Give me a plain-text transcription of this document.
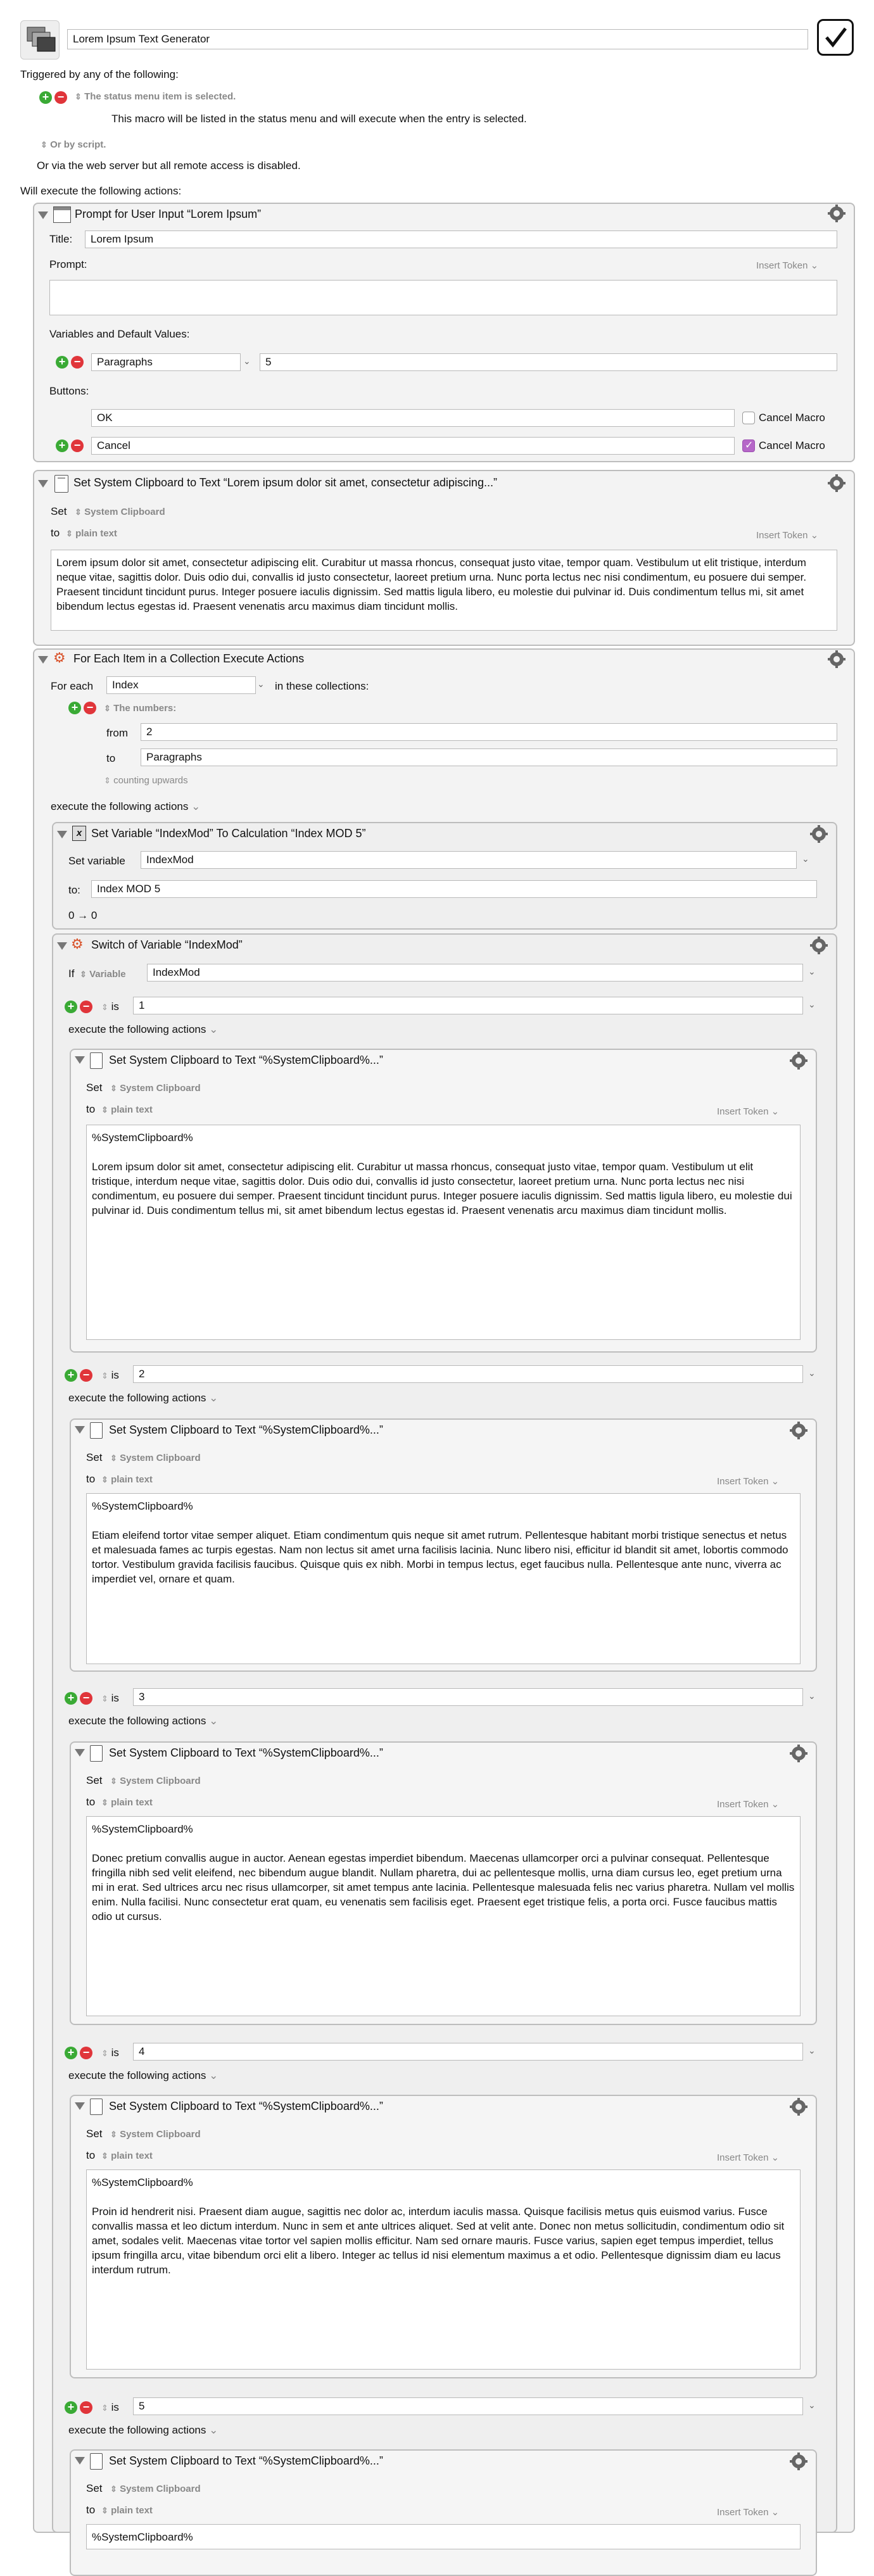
Lorem Ipsum Text Generator
Triggered by any of the following:
+ −	⇕ The status menu item is selected.
This macro will be listed in the status menu and will execute when the entry is selected.
⇕ Or by script.
Or via the web server but all remote access is disabled.
Will execute the following actions:
Prompt for User Input “Lorem Ipsum”
Title:	Lorem Ipsum
Prompt:	Insert Token ⌄
Variables and Default Values:
+ −	Paragraphs	⌄	5
Buttons:
OK	Cancel Macro
+ −	Cancel
✓	Cancel Macro
Set System Clipboard to Text “Lorem ipsum dolor sit amet, consectetur adipiscing...”
Set ⇕ System Clipboard
to ⇕ plain text	Insert Token ⌄
Lorem ipsum dolor sit amet, consectetur adipiscing elit. Curabitur ut massa rhoncus, consequat justo vitae, tempor quam. Vestibulum ut elit tristique, interdum neque vitae, sagittis dolor. Duis odio dui, convallis id justo consectetur, laoreet pretium urna. Nunc porta lectus nec nisi condimentum, eu posuere dui semper. Praesent tincidunt tincidunt purus. Integer posuere iaculis dignissim. Sed mattis ligula libero, eu molestie dui pulvinar id. Duis condimentum tellus mi, sit amet bibendum lectus egestas id. Praesent venenatis arcu maximus diam tincidunt mollis.
⚙ For Each Item in a Collection Execute Actions
For each	Index	⌄ in these collections:
+ −	⇕ The numbers:
from	2
to	Paragraphs
⇕ counting upwards
execute the following actions ⌄
x Set Variable “IndexMod” To Calculation “Index MOD 5”
Set variable	IndexMod	⌄
to:	Index MOD 5
0 → 0
⚙ Switch of Variable “IndexMod”
If ⇕ Variable	IndexMod	⌄
+ −	⇕ is	1	⌄
execute the following actions ⌄
Set System Clipboard to Text “%SystemClipboard%...”
Set ⇕ System Clipboard
to ⇕ plain text	Insert Token ⌄
%SystemClipboard%

Lorem ipsum dolor sit amet, consectetur adipiscing elit. Curabitur ut massa rhoncus, consequat justo vitae, tempor quam. Vestibulum ut elit tristique, interdum neque vitae, sagittis dolor. Duis odio dui, convallis id justo consectetur, laoreet pretium urna. Nunc porta lectus nec nisi condimentum, eu posuere dui semper. Praesent tincidunt tincidunt purus. Integer posuere iaculis dignissim. Sed mattis ligula libero, eu molestie dui pulvinar id. Duis condimentum tellus mi, sit amet bibendum lectus egestas id. Praesent venenatis arcu maximus diam tincidunt mollis.
+ −	⇕ is	2	⌄
execute the following actions ⌄
Set System Clipboard to Text “%SystemClipboard%...”
Set ⇕ System Clipboard
to ⇕ plain text	Insert Token ⌄
%SystemClipboard%

Etiam eleifend tortor vitae semper aliquet. Etiam condimentum quis neque sit amet rutrum. Pellentesque habitant morbi tristique senectus et netus et malesuada fames ac turpis egestas. Nam non lectus sit amet urna facilisis lacinia. Nunc libero nisi, efficitur id blandit sit amet, lobortis commodo tortor. Vestibulum gravida facilisis faucibus. Quisque quis ex nibh. Morbi in tempus lectus, eget faucibus nulla. Pellentesque ante nunc, viverra ac imperdiet vel, ornare et quam.
+ −	⇕ is	3	⌄
execute the following actions ⌄
Set System Clipboard to Text “%SystemClipboard%...”
Set ⇕ System Clipboard
to ⇕ plain text	Insert Token ⌄
%SystemClipboard%

Donec pretium convallis augue in auctor. Aenean egestas imperdiet bibendum. Maecenas ullamcorper orci a pulvinar consequat. Pellentesque fringilla nibh sed velit eleifend, nec bibendum augue blandit. Nullam pharetra, dui ac pellentesque mollis, urna diam cursus leo, eget pretium urna mi in erat. Sed ultrices arcu nec risus ullamcorper, sit amet tempus ante lacinia. Pellentesque malesuada felis nec varius pharetra. Nullam vel mollis enim. Nulla facilisi. Nunc consectetur erat quam, eu venenatis sem facilisis eget. Praesent eget tristique felis, a porta orci. Fusce faucibus mattis odio ut cursus.
+ −	⇕ is	4	⌄
execute the following actions ⌄
Set System Clipboard to Text “%SystemClipboard%...”
Set ⇕ System Clipboard
to ⇕ plain text	Insert Token ⌄
%SystemClipboard%

Proin id hendrerit nisi. Praesent diam augue, sagittis nec dolor ac, interdum iaculis massa. Quisque facilisis metus quis euismod varius. Fusce convallis massa et leo dictum interdum. Nunc in sem et ante ultrices aliquet. Sed at velit ante. Donec non metus sollicitudin, condimentum odio sit amet, sodales velit. Maecenas vitae tortor vel sapien mollis efficitur. Nam sed ornare mauris. Fusce varius, sapien eget tempus imperdiet, tellus ipsum fringilla arcu, vitae bibendum orci elit a libero. Integer ac tellus id nisi elementum maximus a et odio. Pellentesque dignissim diam eu lacus interdum rutrum.
+ −	⇕ is	5	⌄
execute the following actions ⌄
Set System Clipboard to Text “%SystemClipboard%...”
Set ⇕ System Clipboard
to ⇕ plain text	Insert Token ⌄
%SystemClipboard%
